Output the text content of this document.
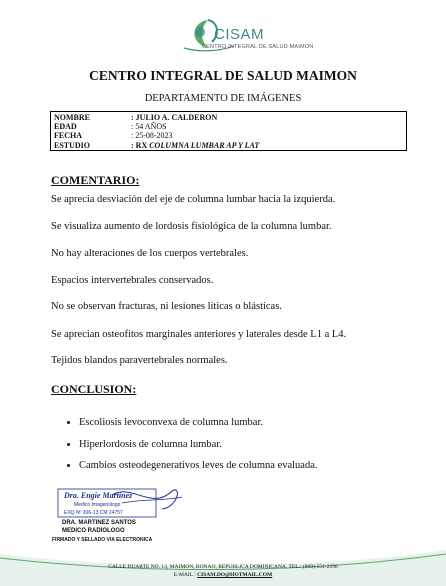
CISAM
CENTRO INTEGRAL DE SALUD MAIMON
CENTRO INTEGRAL DE SALUD MAIMON
DEPARTAMENTO DE IMÁGENES
NOMBRE	: JULIO A. CALDERON
EDAD	: 54 AÑOS
FECHA	: 25-08-2023
ESTUDIO	: RX COLUMNA LUMBAR AP Y LAT
COMENTARIO:
Se aprecia desviación del eje de columna lumbar hacia la izquierda.
Se visualiza aumento de lordosis fisiológica de la columna lumbar.
No hay alteraciones de los cuerpos vertebrales.
Espacios intervertebrales conservados.
No se observan fracturas, ni lesiones líticas o blásticas.
Se aprecian osteofitos marginales anteriores y laterales desde L1 a L4.
Tejidos blandos paravertebrales normales.
CONCLUSION:
• Escoliosis levoconvexa de columna lumbar.
• Hiperlordosis de columna lumbar.
• Cambios osteodegenerativos leves de columna evaluada.
Dra. Engie Martinez
Medico Imagenologo
EXQ Nº 206-13 CM 24757
DRA. MARTINEZ SANTOS
MEDICO RADIOLOGO
FIRMADO Y SELLADO VIA ELECTRONICA
CALLE DUARTE NO. 13, MAIMON, BONAO, REPUBLICA DOMINICANA, TEL.: (809)-551-2196
E-MAIL : CISAM.DO@HOTMAIL.COM
